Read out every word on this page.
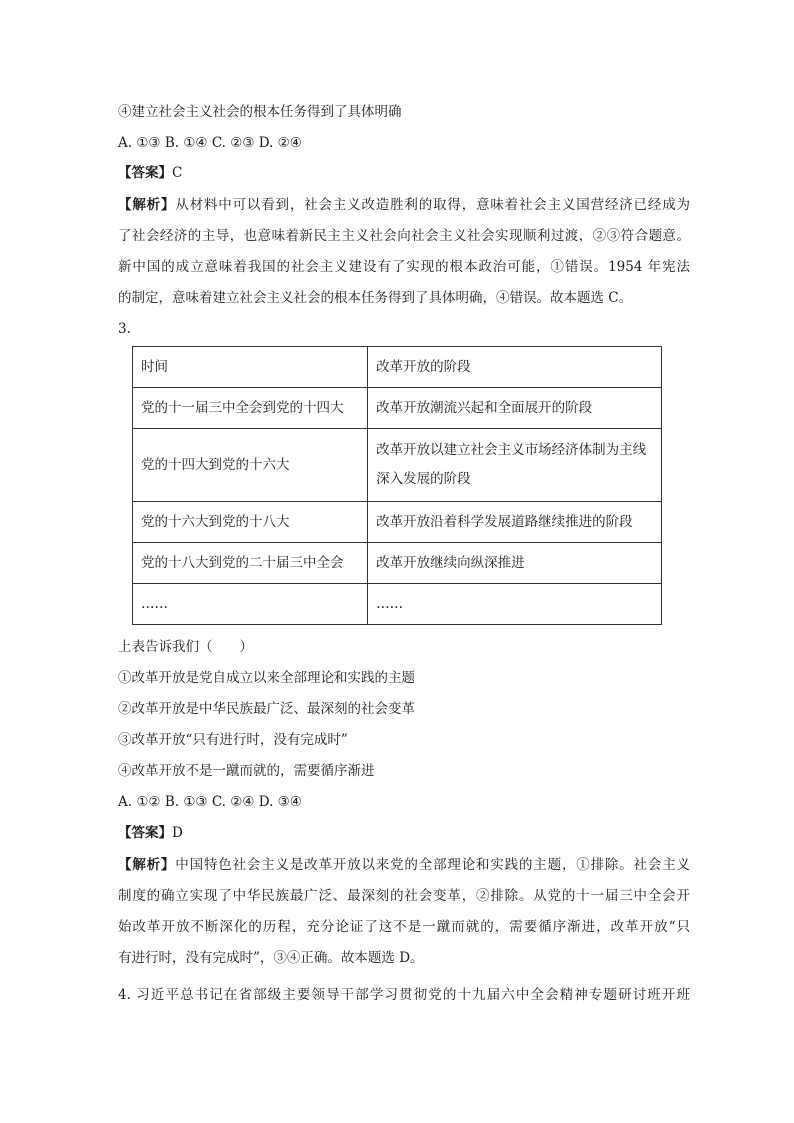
④建立社会主义社会的根本任务得到了具体明确
A. ①③ B. ①④ C. ②③ D. ②④
【答案】C
【解析】从材料中可以看到，社会主义改造胜利的取得，意味着社会主义国营经济已经成为
了社会经济的主导，也意味着新民主主义社会向社会主义社会实现顺利过渡，②③符合题意。
新中国的成立意味着我国的社会主义建设有了实现的根本政治可能，①错误。1954 年宪法
的制定，意味着建立社会主义社会的根本任务得到了具体明确，④错误。故本题选 C。
3.
时间	改革开放的阶段
党的十一届三中全会到党的十四大	改革开放潮流兴起和全面展开的阶段
党的十四大到党的十六大	改革开放以建立社会主义市场经济体制为主线深入发展的阶段
党的十六大到党的十八大	改革开放沿着科学发展道路继续推进的阶段
党的十八大到党的二十届三中全会	改革开放继续向纵深推进
……	……
上表告诉我们（　　）
①改革开放是党自成立以来全部理论和实践的主题
②改革开放是中华民族最广泛、最深刻的社会变革
③改革开放“只有进行时，没有完成时”
④改革开放不是一蹴而就的，需要循序渐进
A. ①② B. ①③ C. ②④ D. ③④
【答案】D
【解析】中国特色社会主义是改革开放以来党的全部理论和实践的主题，①排除。社会主义
制度的确立实现了中华民族最广泛、最深刻的社会变革，②排除。从党的十一届三中全会开
始改革开放不断深化的历程，充分论证了这不是一蹴而就的，需要循序渐进，改革开放“只
有进行时，没有完成时”，③④正确。故本题选 D。
4. 习近平总书记在省部级主要领导干部学习贯彻党的十九届六中全会精神专题研讨班开班
